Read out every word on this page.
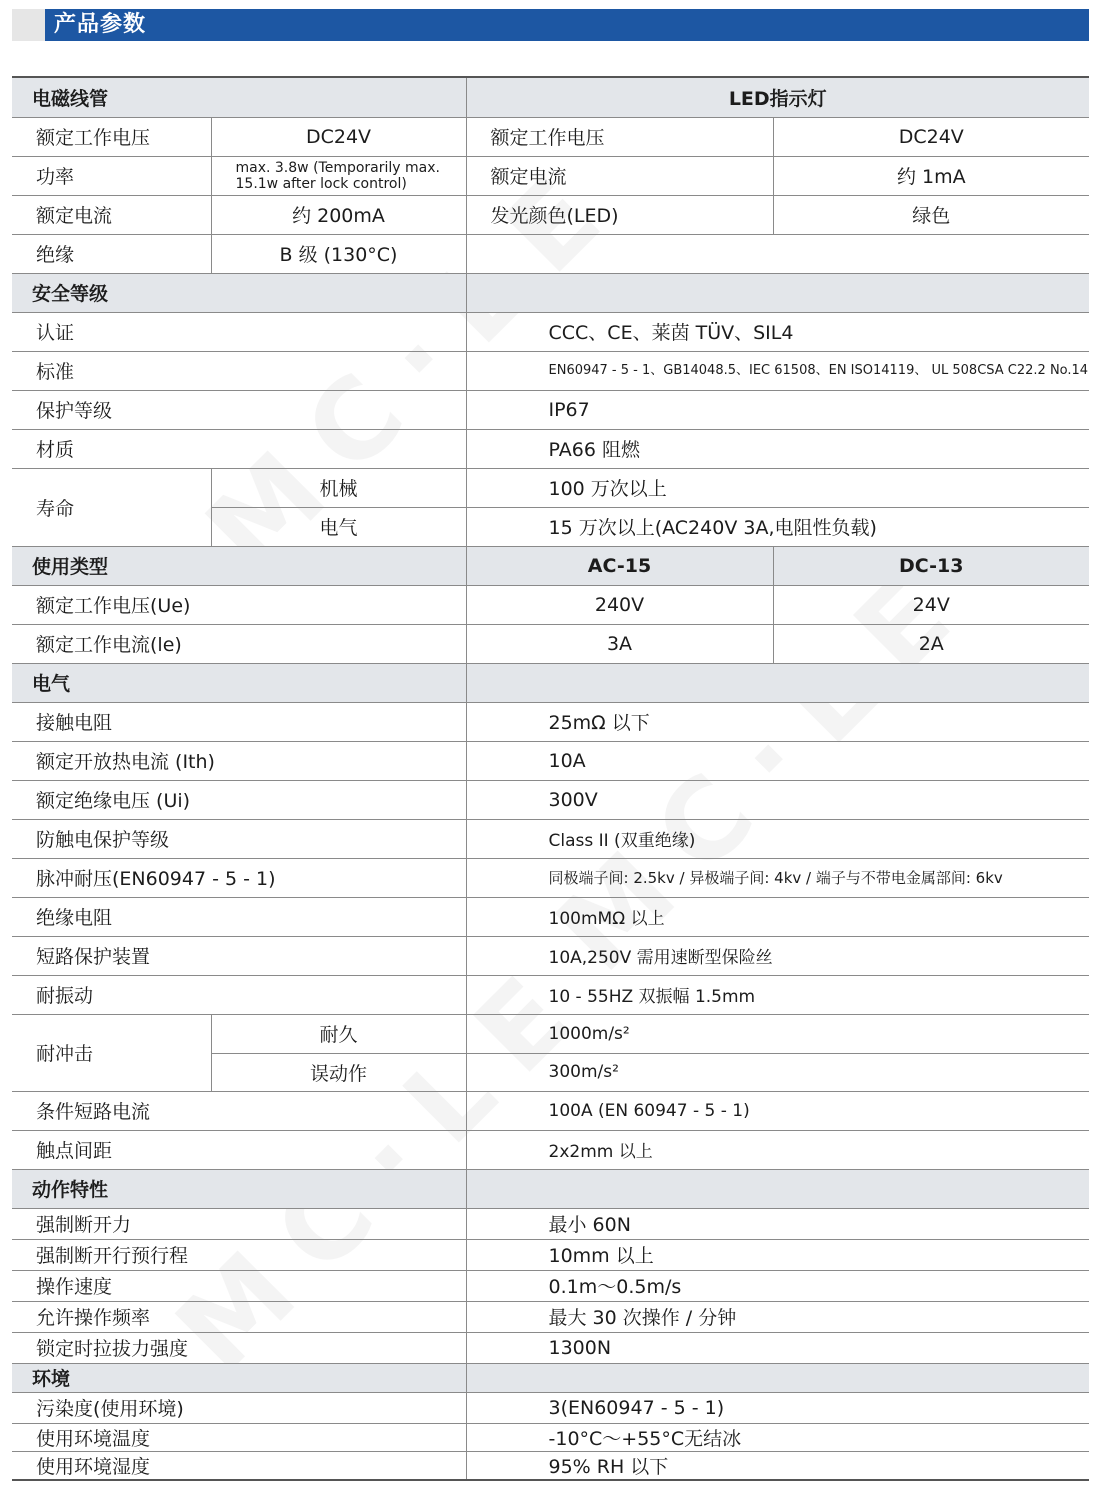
产品参数
电磁线管		LED指示灯	
额定工作电压	DC24V	额定工作电压	DC24V
功率	max. 3.8w (Temporarily max. 15.1w after lock control)	额定电流	约 1mA
额定电流	约 200mA	发光颜色(LED)	绿色
绝缘	B 级 (130°C)		
安全等级			
认证		CCC、CE、莱茵 TÜV、SIL4	
标准		EN60947 - 5 - 1、GB14048.5、IEC 61508、EN ISO14119、 UL 508CSA C22.2 No.14	
保护等级		IP67	
材质		PA66 阻燃	
寿命	机械	100 万次以上	
	电气	15 万次以上(AC240V 3A,电阻性负载)	
使用类型		AC-15	DC-13
额定工作电压(Ue)		240V	24V
额定工作电流(le)		3A	2A
电气			
接触电阻		25mΩ 以下	
额定开放热电流 (Ith)		10A	
额定绝缘电压 (Ui)		300V	
防触电保护等级		Class II (双重绝缘)	
脉冲耐压(EN60947 - 5 - 1)		同极端子间: 2.5kv / 异极端子间: 4kv / 端子与不带电金属部间: 6kv	
绝缘电阻		100mMΩ 以上	
短路保护装置		10A,250V 需用速断型保险丝	
耐振动		10 - 55HZ 双振幅 1.5mm	
耐冲击	耐久	1000m/s²	
	误动作	300m/s²	
条件短路电流		100A (EN 60947 - 5 - 1)	
触点间距		2x2mm 以上	
动作特性			
强制断开力		最小 60N	
强制断开行预行程		10mm 以上	
操作速度		0.1m〜0.5m/s	
允许操作频率		最大 30 次操作 / 分钟	
锁定时拉拔力强度		1300N	
环境			
污染度(使用环境)		3(EN60947 - 5 - 1)	
使用环境温度		-10°C〜+55°C无结冰	
使用环境湿度		95% RH 以下	
